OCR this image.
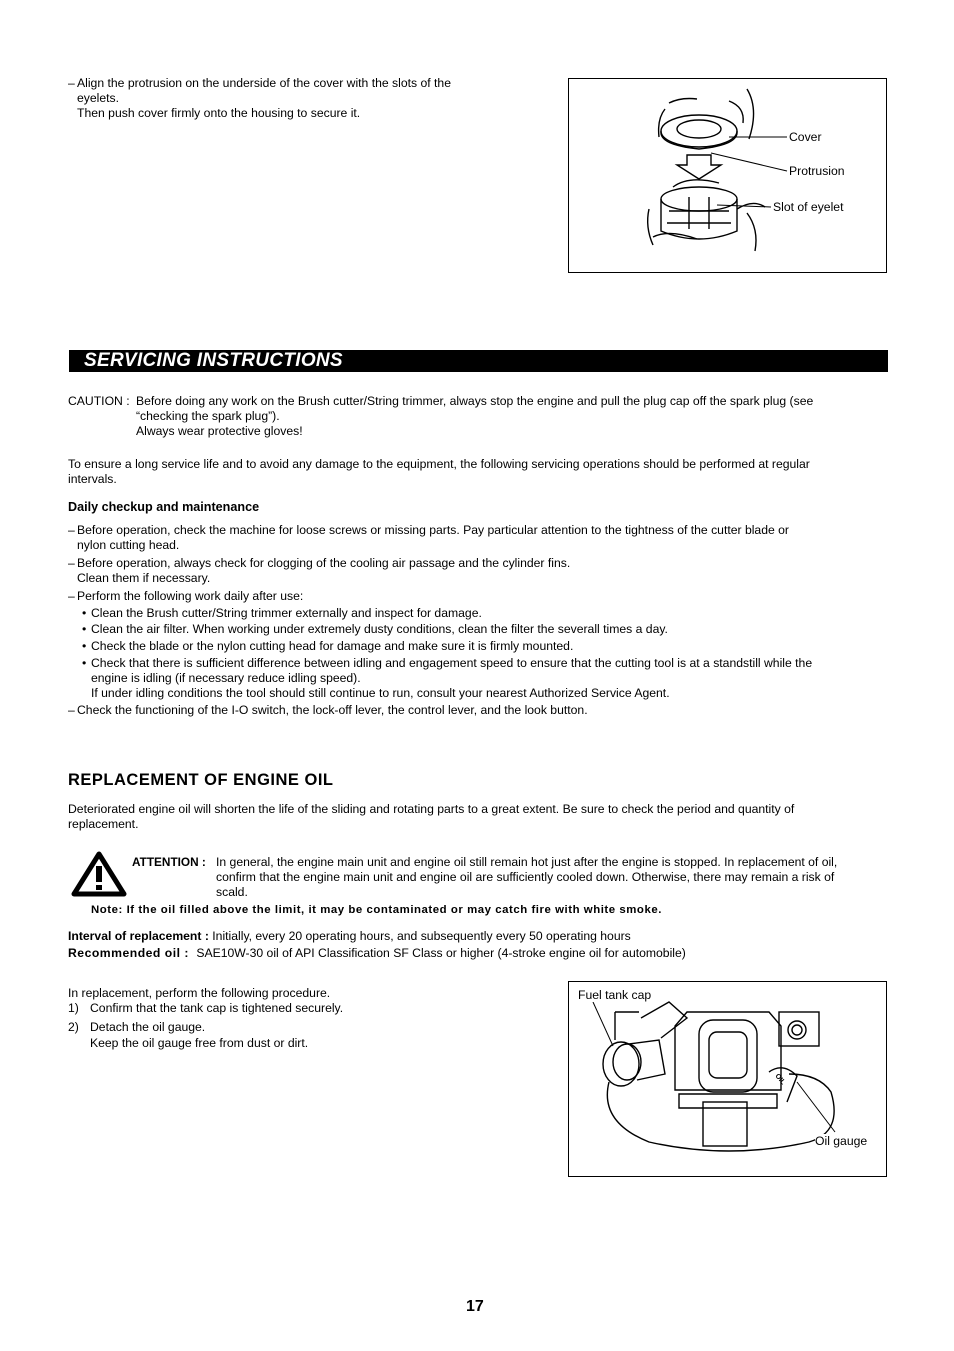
– Align the protrusion on the underside of the cover with the slots of the
eyelets.
Then push cover firmly onto the housing to secure it.
Cover
Protrusion
Slot of eyelet
SERVICING INSTRUCTIONS
CAUTION : Before doing any work on the Brush cutter/String trimmer, always stop the engine and pull the plug cap off the spark plug (see
“checking the spark plug”).
Always wear protective gloves!
To ensure a long service life and to avoid any damage to the equipment, the following servicing operations should be performed at regular
intervals.
Daily checkup and maintenance
– Before operation, check the machine for loose screws or missing parts. Pay particular attention to the tightness of the cutter blade or
nylon cutting head.
– Before operation, always check for clogging of the cooling air passage and the cylinder fins.
Clean them if necessary.
– Perform the following work daily after use:
• Clean the Brush cutter/String trimmer externally and inspect for damage.
• Clean the air filter. When working under extremely dusty conditions, clean the filter the severall times a day.
• Check the blade or the nylon cutting head for damage and make sure it is firmly mounted.
• Check that there is sufficient difference between idling and engagement speed to ensure that the cutting tool is at a standstill while the
engine is idling (if necessary reduce idling speed).
If under idling conditions the tool should still continue to run, consult your nearest Authorized Service Agent.
– Check the functioning of the I-O switch, the lock-off lever, the control lever, and the look button.
REPLACEMENT OF ENGINE OIL
Deteriorated engine oil will shorten the life of the sliding and rotating parts to a great extent. Be sure to check the period and quantity of
replacement.
ATTENTION : In general, the engine main unit and engine oil still remain hot just after the engine is stopped. In replacement of oil,
confirm that the engine main unit and engine oil are sufficiently cooled down. Otherwise, there may remain a risk of
scald.
Note: If the oil filled above the limit, it may be contaminated or may catch fire with white smoke.
Interval of replacement : Initially, every 20 operating hours, and subsequently every 50 operating hours
Recommended oil : SAE10W-30 oil of API Classification SF Class or higher (4-stroke engine oil for automobile)
In replacement, perform the following procedure.
1) Confirm that the tank cap is tightened securely.
2) Detach the oil gauge.
Keep the oil gauge free from dust or dirt.
OIL
Fuel tank cap
Oil gauge
17
